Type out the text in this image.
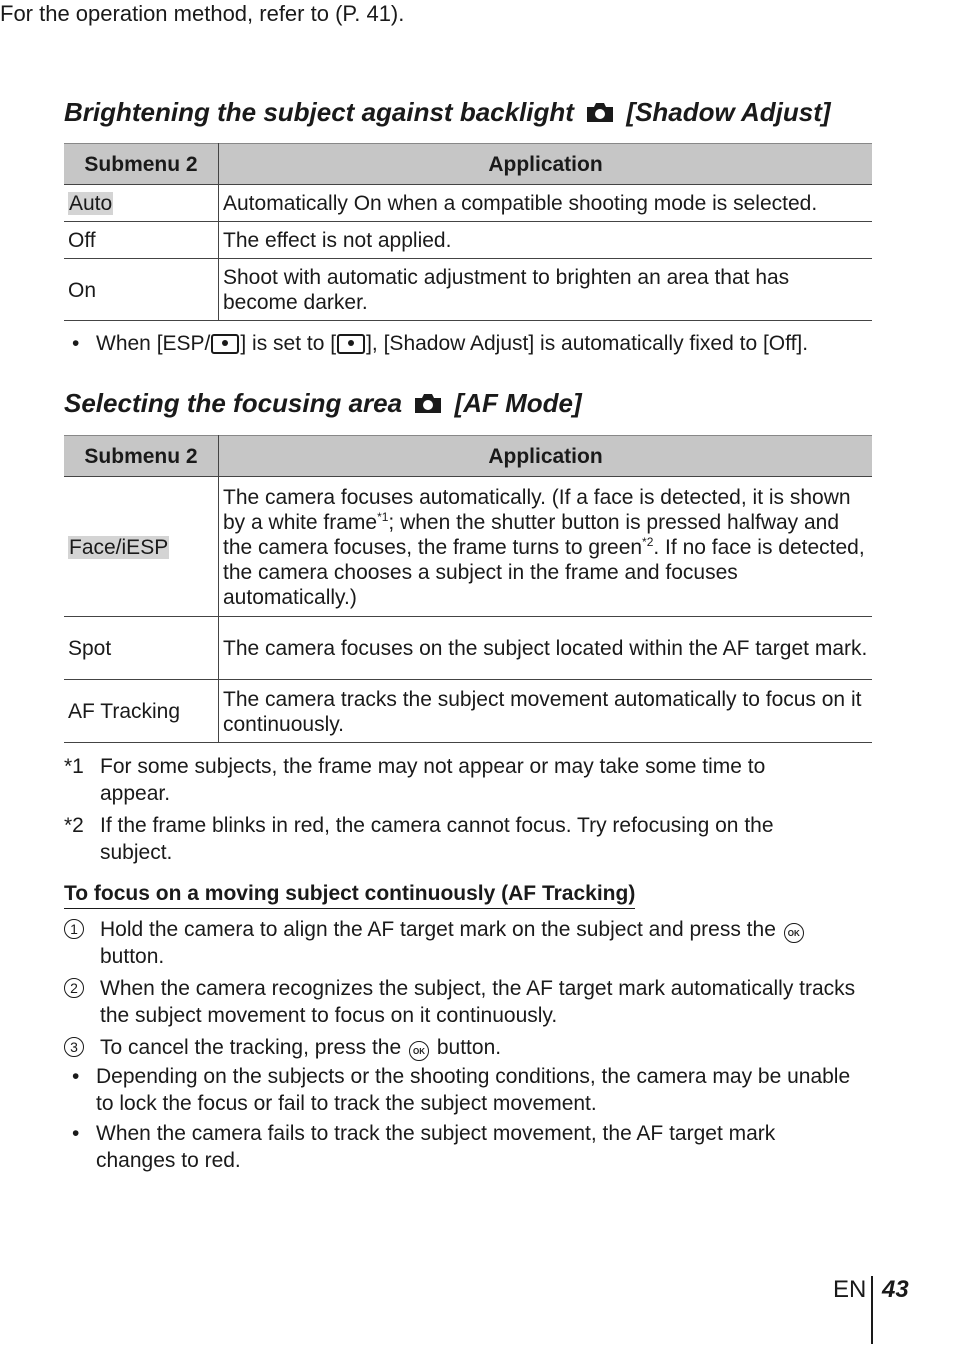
For the operation method, refer to (P. 41).

Brightening the subject against backlight [Shadow Adjust]
Submenu 2	Application
Auto	Automatically On when a compatible shooting mode is selected.
Off	The effect is not applied.
On	Shoot with automatic adjustment to brighten an area that has become darker.
• When [ESP/ ] is set to [ ], [Shadow Adjust] is automatically fixed to [Off].
Selecting the focusing area [AF Mode]
Submenu 2	Application
Face/iESP	The camera focuses automatically. (If a face is detected, it is shown by a white frame$^{*1}$; when the shutter button is pressed halfway and the camera focuses, the frame turns to green$^{*2}$. If no face is detected, the camera chooses a subject in the frame and focuses automatically.)
Spot	The camera focuses on the subject located within the AF target mark.
AF Tracking	The camera tracks the subject movement automatically to focus on it continuously.
*1 For some subjects, the frame may not appear or may take some time to appear.
*2 If the frame blinks in red, the camera cannot focus. Try refocusing on the subject.

To focus on a moving subject continuously (AF Tracking)

1 Hold the camera to align the AF target mark on the subject and press the OK
button.
2 When the camera recognizes the subject, the AF target mark automatically tracks the subject movement to focus on it continuously.
3 To cancel the tracking, press the OK button.
• Depending on the subjects or the shooting conditions, the camera may be unable to lock the focus or fail to track the subject movement.
• When the camera fails to track the subject movement, the AF target mark changes to red.
EN 43
